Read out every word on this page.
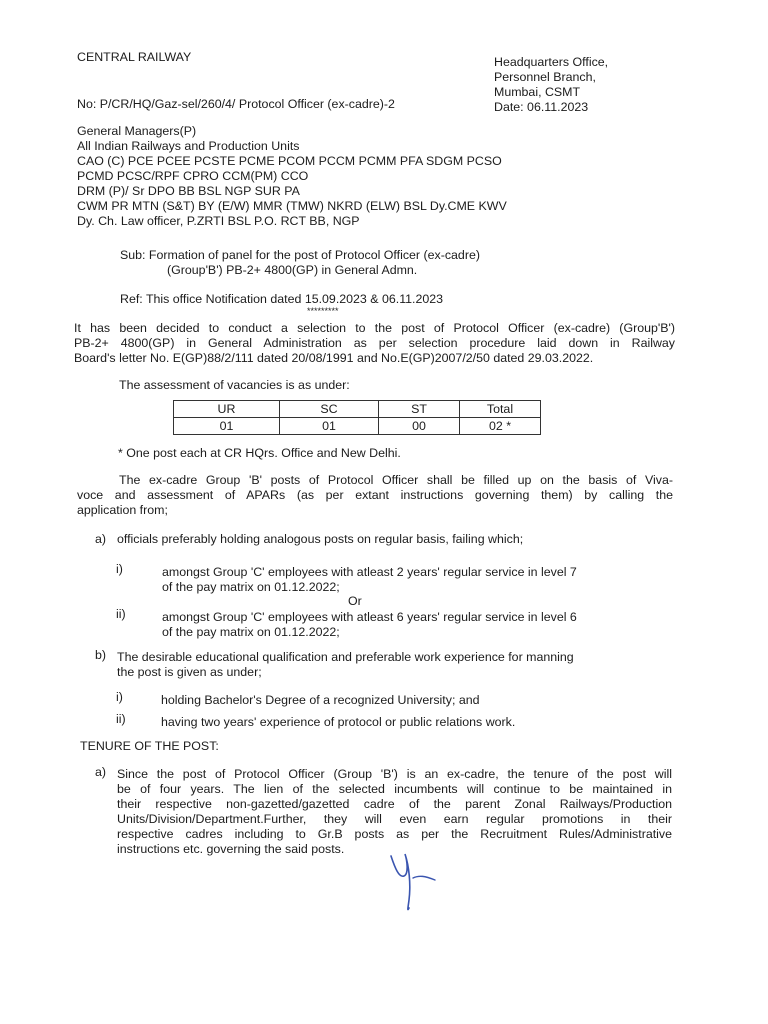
CENTRAL RAILWAY	Headquarters Office,
Personnel Branch,
Mumbai, CSMT
Date: 06.11.2023
No: P/CR/HQ/Gaz-sel/260/4/ Protocol Officer (ex-cadre)-2
General Managers(P)
All Indian Railways and Production Units
CAO (C) PCE PCEE PCSTE PCME PCOM PCCM PCMM PFA SDGM PCSO
PCMD PCSC/RPF CPRO CCM(PM) CCO
DRM (P)/ Sr DPO BB BSL NGP SUR PA
CWM PR MTN (S&T) BY (E/W) MMR (TMW) NKRD (ELW) BSL Dy.CME KWV
Dy. Ch. Law officer, P.ZRTI BSL P.O. RCT BB, NGP
Sub: Formation of panel for the post of Protocol Officer (ex-cadre)
(Group'B') PB-2+ 4800(GP) in General Admn.
Ref: This office Notification dated 15.09.2023 & 06.11.2023
*********
It has been decided to conduct a selection to the post of Protocol Officer (ex-cadre) (Group'B')
PB-2+ 4800(GP) in General Administration as per selection procedure laid down in Railway
Board's letter No. E(GP)88/2/111 dated 20/08/1991 and No.E(GP)2007/2/50 dated 29.03.2022.
The assessment of vacancies is as under:
UR	SC	ST	Total
01	01	00	02 *
* One post each at CR HQrs. Office and New Delhi.
The ex-cadre Group 'B' posts of Protocol Officer shall be filled up on the basis of Viva-
voce and assessment of APARs (as per extant instructions governing them) by calling the
application from;
a) officials preferably holding analogous posts on regular basis, failing which;
i)	amongst Group 'C' employees with atleast 2 years' regular service in level 7
of the pay matrix on 01.12.2022;
Or
ii)	amongst Group 'C' employees with atleast 6 years' regular service in level 6
of the pay matrix on 01.12.2022;
b) The desirable educational qualification and preferable work experience for manning
the post is given as under;
i)	holding Bachelor's Degree of a recognized University; and
ii)	having two years' experience of protocol or public relations work.
TENURE OF THE POST:
a) Since the post of Protocol Officer (Group 'B') is an ex-cadre, the tenure of the post will
be of four years. The lien of the selected incumbents will continue to be maintained in
their respective non-gazetted/gazetted cadre of the parent Zonal Railways/Production
Units/Division/Department.Further, they will even earn regular promotions in their
respective cadres including to Gr.B posts as per the Recruitment Rules/Administrative
instructions etc. governing the said posts.
